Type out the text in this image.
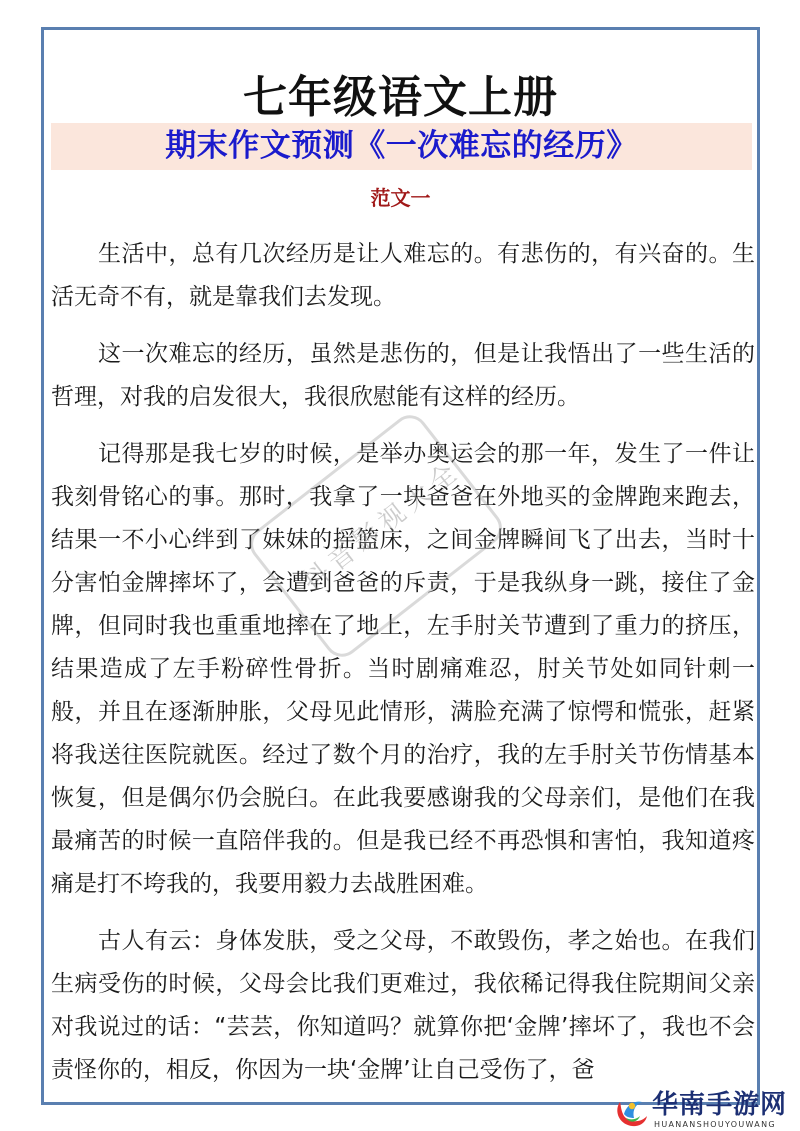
七年级语文上册
期末作文预测《一次难忘的经历》
范文一

生活中，总有几次经历是让人难忘的。有悲伤的，有兴奋的。生活无奇不有，就是靠我们去发现。

这一次难忘的经历，虽然是悲伤的，但是让我悟出了一些生活的哲理，对我的启发很大，我很欣慰能有这样的经历。

记得那是我七岁的时候，是举办奥运会的那一年，发生了一件让我刻骨铭心的事。那时，我拿了一块爸爸在外地买的金牌跑来跑去，结果一不小心绊到了妹妹的摇篮床，之间金牌瞬间飞了出去，当时十分害怕金牌摔坏了，会遭到爸爸的斥责，于是我纵身一跳，接住了金牌，但同时我也重重地摔在了地上，左手肘关节遭到了重力的挤压，结果造成了左手粉碎性骨折。当时剧痛难忍，肘关节处如同针刺一般，并且在逐渐肿胀，父母见此情形，满脸充满了惊愕和慌张，赶紧将我送往医院就医。经过了数个月的治疗，我的左手肘关节伤情基本恢复，但是偶尔仍会脱臼。在此我要感谢我的父母亲们，是他们在我最痛苦的时候一直陪伴我的。但是我已经不再恐惧和害怕，我知道疼痛是打不垮我的，我要用毅力去战胜困难。

古人有云：身体发肤，受之父母，不敢毁伤，孝之始也。在我们生病受伤的时候，父母会比我们更难过，我依稀记得我住院期间父亲对我说过的话：“芸芸，你知道吗？就算你把‘金牌’摔坏了，我也不会责怪你的，相反，你因为一块‘金牌’让自己受伤了，爸

抖音影视大全
华南手游网
HUANANSHOUYOUWANG
